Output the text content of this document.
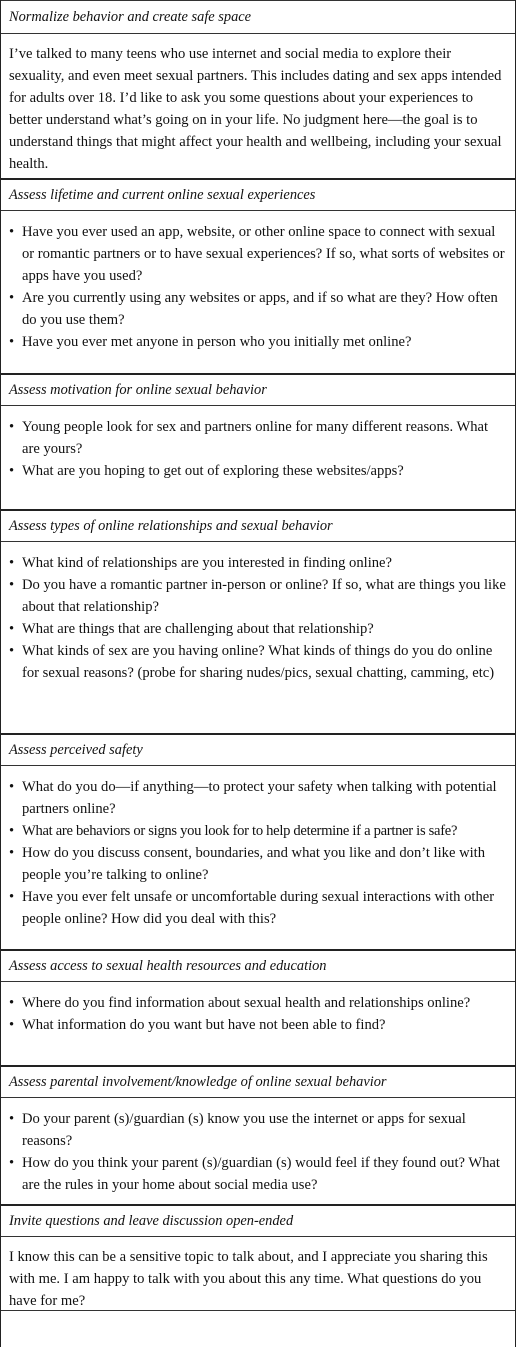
Normalize behavior and create safe space

I’ve talked to many teens who use internet and social media to explore their sexuality, and even meet sexual partners. This includes dating and sex apps intended for adults over 18. I’d like to ask you some questions about your experiences to better understand what’s going on in your life. No judgment here—the goal is to understand things that might affect your health and wellbeing, including your sexual health.

Assess lifetime and current online sexual experiences
• Have you ever used an app, website, or other online space to connect with sexual or romantic partners or to have sexual experiences? If so, what sorts of websites or apps have you used?
• Are you currently using any websites or apps, and if so what are they? How often do you use them?
• Have you ever met anyone in person who you initially met online?
Assess motivation for online sexual behavior
• Young people look for sex and partners online for many different reasons. What are yours?
• What are you hoping to get out of exploring these websites/apps?
Assess types of online relationships and sexual behavior
• What kind of relationships are you interested in finding online?
• Do you have a romantic partner in-person or online? If so, what are things you like about that relationship?
• What are things that are challenging about that relationship?
• What kinds of sex are you having online? What kinds of things do you do online for sexual reasons? (probe for sharing nudes/pics, sexual chatting, camming, etc)
Assess perceived safety
• What do you do—if anything—to protect your safety when talking with potential partners online?
• What are behaviors or signs you look for to help determine if a partner is safe?
• How do you discuss consent, boundaries, and what you like and don’t like with people you’re talking to online?
• Have you ever felt unsafe or uncomfortable during sexual interactions with other people online? How did you deal with this?
Assess access to sexual health resources and education
• Where do you find information about sexual health and relationships online?
• What information do you want but have not been able to find?
Assess parental involvement/knowledge of online sexual behavior
• Do your parent (s)/guardian (s) know you use the internet or apps for sexual reasons?
• How do you think your parent (s)/guardian (s) would feel if they found out? What are the rules in your home about social media use?
Invite questions and leave discussion open-ended

I know this can be a sensitive topic to talk about, and I appreciate you sharing this with me. I am happy to talk with you about this any time. What questions do you have for me?
